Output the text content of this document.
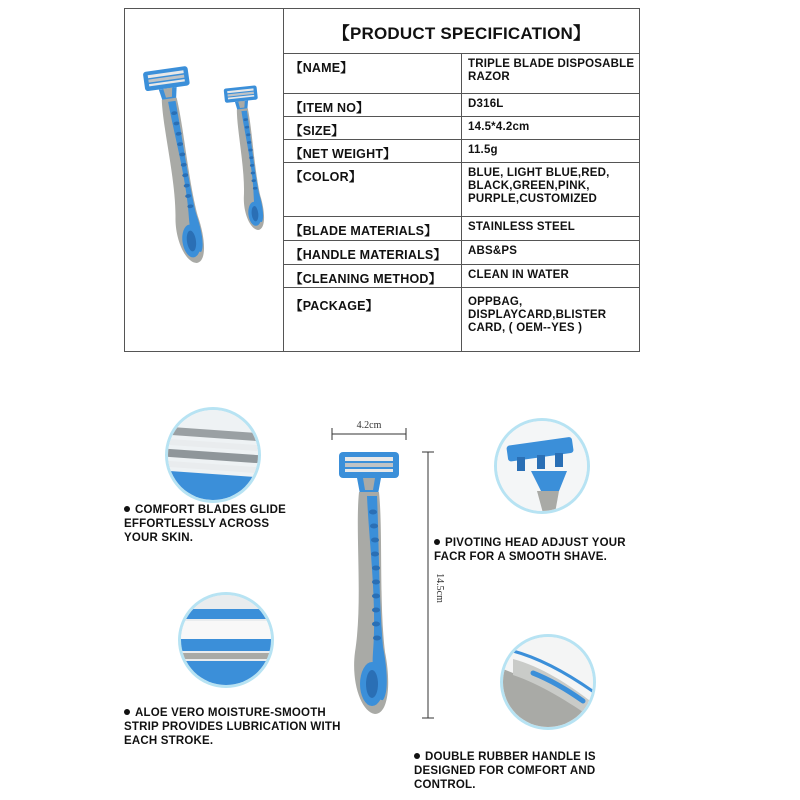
	【PRODUCT SPECIFICATION】	
	【NAME】	TRIPLE BLADE DISPOSABLE RAZOR
	【ITEM NO】	D316L
	【SIZE】	14.5*4.2cm
	【NET WEIGHT】	11.5g
	【COLOR】	BLUE, LIGHT BLUE,RED, BLACK,GREEN,PINK, PURPLE,CUSTOMIZED
	【BLADE MATERIALS】	STAINLESS STEEL
	【HANDLE MATERIALS】	ABS&PS
	【CLEANING METHOD】	CLEAN IN WATER
	【PACKAGE】	OPPBAG, DISPLAYCARD,BLISTER CARD, ( OEM--YES )
4.2cm
14.5cm

COMFORT BLADES GLIDE EFFORTLESSLY ACROSS YOUR SKIN.	PIVOTING HEAD ADJUST YOUR FACR FOR A SMOOTH SHAVE.

ALOE VERO MOISTURE-SMOOTH STRIP PROVIDES LUBRICATION WITH EACH STROKE.

DOUBLE RUBBER HANDLE IS DESIGNED FOR COMFORT AND CONTROL.
